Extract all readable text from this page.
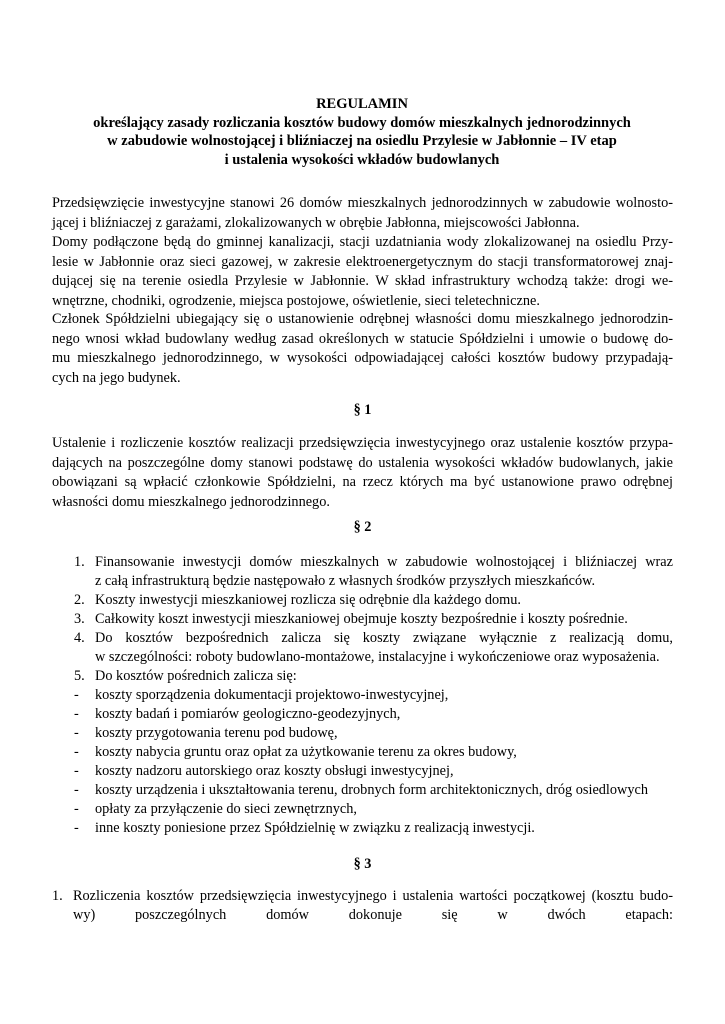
REGULAMIN
określający zasady rozliczania kosztów budowy domów mieszkalnych jednorodzinnych
w zabudowie wolnostojącej i bliźniaczej na osiedlu Przylesie w Jabłonnie – IV etap
i ustalenia wysokości wkładów budowlanych
Przedsięwzięcie inwestycyjne stanowi 26 domów mieszkalnych jednorodzinnych w zabudowie wolnosto-
jącej i bliźniaczej z garażami, zlokalizowanych w obrębie Jabłonna, miejscowości Jabłonna.
Domy podłączone będą do gminnej kanalizacji, stacji uzdatniania wody zlokalizowanej na osiedlu Przy-
lesie w Jabłonnie oraz sieci gazowej, w zakresie elektroenergetycznym do stacji transformatorowej znaj-
dującej się na terenie osiedla Przylesie w Jabłonnie. W skład infrastruktury wchodzą także: drogi we-
wnętrzne, chodniki, ogrodzenie, miejsca postojowe, oświetlenie, sieci teletechniczne.
Członek Spółdzielni ubiegający się o ustanowienie odrębnej własności domu mieszkalnego jednorodzin-
nego wnosi wkład budowlany według zasad określonych w statucie Spółdzielni i umowie o budowę do-
mu mieszkalnego jednorodzinnego, w wysokości odpowiadającej całości kosztów budowy przypadają-
cych na jego budynek.
§ 1
Ustalenie i rozliczenie kosztów realizacji przedsięwzięcia inwestycyjnego oraz ustalenie kosztów przypa-
dających na poszczególne domy stanowi podstawę do ustalenia wysokości wkładów budowlanych, jakie
obowiązani są wpłacić członkowie Spółdzielni, na rzecz których ma być ustanowione prawo odrębnej
własności domu mieszkalnego jednorodzinnego.
§ 2
1. Finansowanie inwestycji domów mieszkalnych w zabudowie wolnostojącej i bliźniaczej wraz
z całą infrastrukturą będzie następowało z własnych środków przyszłych mieszkańców.
2. Koszty inwestycji mieszkaniowej rozlicza się odrębnie dla każdego domu.
3. Całkowity koszt inwestycji mieszkaniowej obejmuje koszty bezpośrednie i koszty pośrednie.
4. Do kosztów bezpośrednich zalicza się koszty związane wyłącznie z realizacją domu,
w szczególności: roboty budowlano-montażowe, instalacyjne i wykończeniowe oraz wyposażenia.
5. Do kosztów pośrednich zalicza się:
- koszty sporządzenia dokumentacji projektowo-inwestycyjnej,
- koszty badań i pomiarów geologiczno-geodezyjnych,
- koszty przygotowania terenu pod budowę,
- koszty nabycia gruntu oraz opłat za użytkowanie terenu za okres budowy,
- koszty nadzoru autorskiego oraz koszty obsługi inwestycyjnej,
- koszty urządzenia i ukształtowania terenu, drobnych form architektonicznych, dróg osiedlowych
- opłaty za przyłączenie do sieci zewnętrznych,
- inne koszty poniesione przez Spółdzielnię w związku z realizacją inwestycji.
§ 3
1. Rozliczenia kosztów przedsięwzięcia inwestycyjnego i ustalenia wartości początkowej (kosztu budo-
wy) poszczególnych domów dokonuje się w dwóch etapach:
